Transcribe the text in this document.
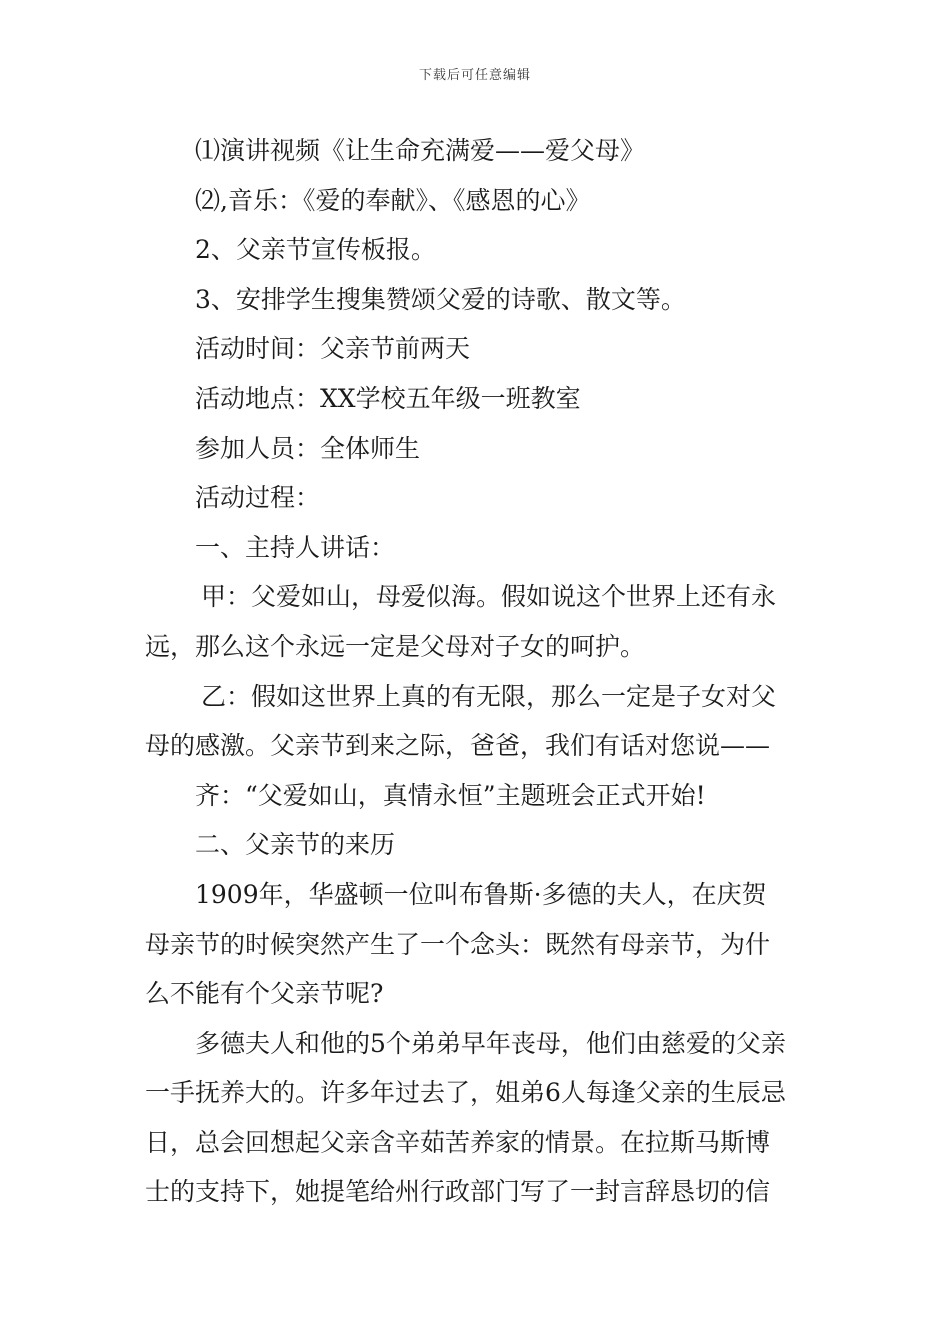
下载后可任意编辑
⑴演讲视频《让生命充满爱——爱父母》
⑵,音乐：《爱的奉献》、《感恩的心》
2、父亲节宣传板报。
3、安排学生搜集赞颂父爱的诗歌、散文等。
活动时间：父亲节前两天
活动地点：XX学校五年级一班教室
参加人员：全体师生
活动过程：
一、主持人讲话：
甲：父爱如山，母爱似海。假如说这个世界上还有永
远，那么这个永远一定是父母对子女的呵护。
乙：假如这世界上真的有无限，那么一定是子女对父
母的感激。父亲节到来之际，爸爸，我们有话对您说——
齐：“父爱如山，真情永恒”主题班会正式开始!
二、父亲节的来历
1909年，华盛顿一位叫布鲁斯·多德的夫人，在庆贺
母亲节的时候突然产生了一个念头：既然有母亲节，为什
么不能有个父亲节呢?
多德夫人和他的5个弟弟早年丧母，他们由慈爱的父亲
一手抚养大的。许多年过去了，姐弟6人每逢父亲的生辰忌
日，总会回想起父亲含辛茹苦养家的情景。在拉斯马斯博
士的支持下，她提笔给州行政部门写了一封言辞恳切的信
